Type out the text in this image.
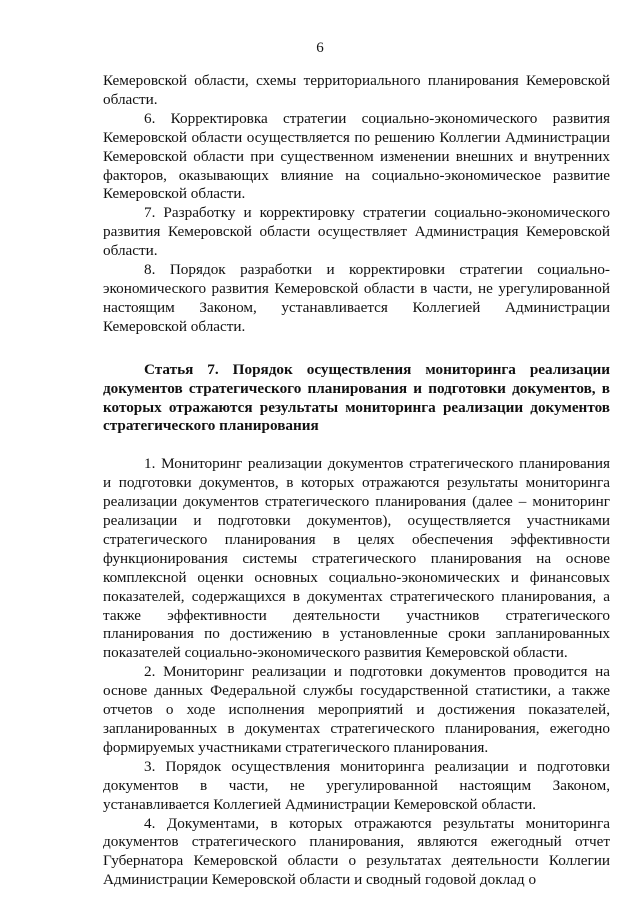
6

Кемеровской области, схемы территориального планирования Кемеровской области.

6. Корректировка стратегии социально-экономического развития Кемеровской области осуществляется по решению Коллегии Администрации Кемеровской области при существенном изменении внешних и внутренних факторов, оказывающих влияние на социально-экономическое развитие Кемеровской области.

7. Разработку и корректировку стратегии социально-экономического развития Кемеровской области осуществляет Администрация Кемеровской области.

8. Порядок разработки и корректировки стратегии социально-экономического развития Кемеровской области в части, не урегулированной настоящим Законом, устанавливается Коллегией Администрации Кемеровской области.

Статья 7. Порядок осуществления мониторинга реализации документов стратегического планирования и подготовки документов, в которых отражаются результаты мониторинга реализации документов стратегического планирования

1. Мониторинг реализации документов стратегического планирования и подготовки документов, в которых отражаются результаты мониторинга реализации документов стратегического планирования (далее – мониторинг реализации и подготовки документов), осуществляется участниками стратегического планирования в целях обеспечения эффективности функционирования системы стратегического планирования на основе комплексной оценки основных социально-экономических и финансовых показателей, содержащихся в документах стратегического планирования, а также эффективности деятельности участников стратегического планирования по достижению в установленные сроки запланированных показателей социально-экономического развития Кемеровской области.

2. Мониторинг реализации и подготовки документов проводится на основе данных Федеральной службы государственной статистики, а также отчетов о ходе исполнения мероприятий и достижения показателей, запланированных в документах стратегического планирования, ежегодно формируемых участниками стратегического планирования.

3. Порядок осуществления мониторинга реализации и подготовки документов в части, не урегулированной настоящим Законом, устанавливается Коллегией Администрации Кемеровской области.

4. Документами, в которых отражаются результаты мониторинга документов стратегического планирования, являются ежегодный отчет Губернатора Кемеровской области о результатах деятельности Коллегии Администрации Кемеровской области и сводный годовой доклад о
